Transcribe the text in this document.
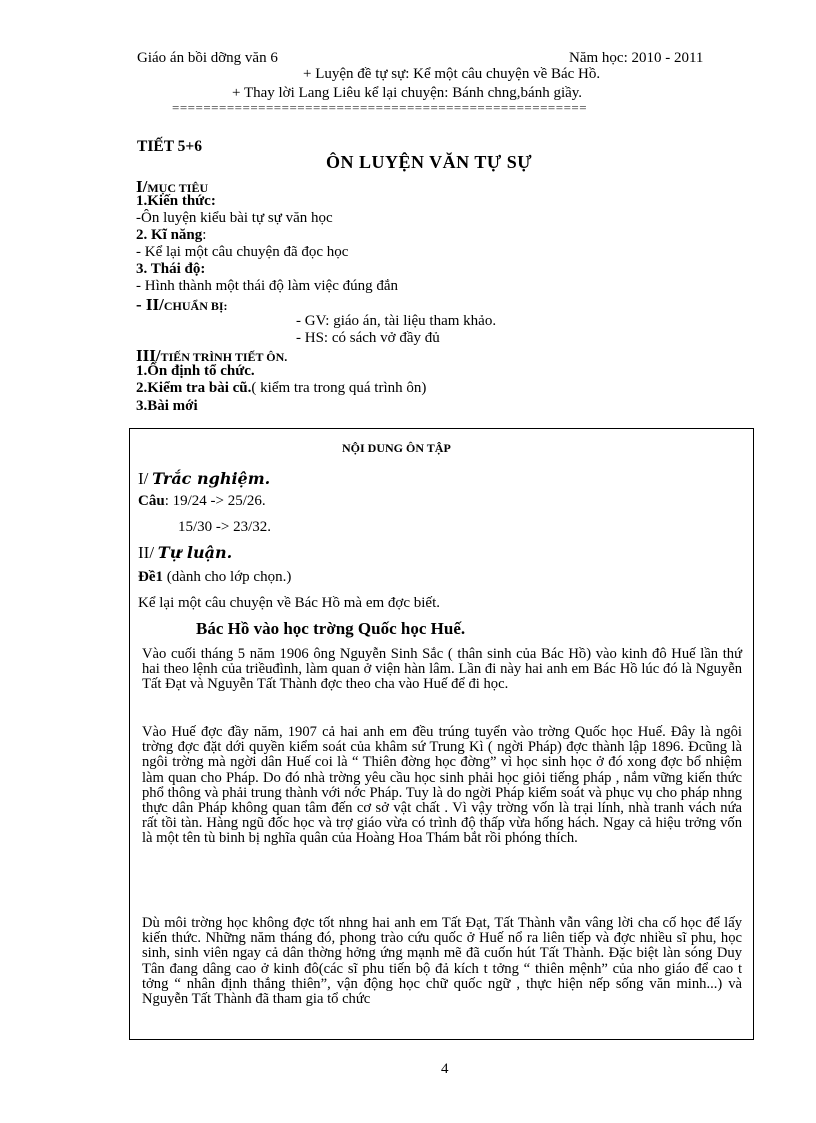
Giáo án bồi dỡng văn 6	Năm học: 2010 - 2011
+ Luyện đề tự sự: Kể một câu chuyện về Bác Hồ.
+ Thay lời Lang Liêu kể lại chuyện: Bánh chng,bánh giầy.
=====================================================
TIẾT 5+6
ÔN LUYỆN VĂN TỰ SỰ
I/MỤC TIÊU
1.Kiến thức:
-Ôn luyện kiểu bài tự sự văn học
2. Kĩ năng:
- Kể lại một câu chuyện đã đọc học
3. Thái độ:
- Hình thành một thái độ làm việc đúng đắn
- II/CHUẨN BỊ:
- GV: giáo án, tài liệu tham khảo.
- HS: có sách vở đầy đủ
III/TIẾN TRÌNH TIẾT ÔN.
1.Ổn định tổ chức.
2.Kiểm tra bài cũ.( kiểm tra trong quá trình ôn)
3.Bài mới
NỘI DUNG ÔN TẬP
I/ Trắc nghiệm.
Câu: 19/24 -> 25/26.
15/30 -> 23/32.
II/ Tự luận.
Đề1 (dành cho lớp chọn.)
Kể lại một câu chuyện về Bác Hồ mà em đợc biết.
Bác Hồ vào học trờng Quốc học Huế.
Vào cuối tháng 5 năm 1906 ông Nguyễn Sinh Sắc ( thân sinh của Bác Hồ) vào kinh đô Huế lần thứ hai theo lệnh của triềuđình, làm quan ở viện hàn lâm. Lần đi này hai anh em Bác Hồ lúc đó là Nguyễn Tất Đạt và Nguyễn Tất Thành đợc theo cha vào Huế để đi học.
Vào Huế đợc đầy năm, 1907 cả hai anh em đều trúng tuyển vào trờng Quốc học Huế. Đây là ngôi trờng đợc đặt dới quyền kiểm soát của khâm sứ Trung Kì ( ngời Pháp) đợc thành lập 1896. Đcũng là ngôi trờng mà ngời dân Huế coi là “ Thiên đờng học đờng” vì học sinh học ở đó xong đợc bổ nhiệm làm quan cho Pháp. Do đó nhà trờng yêu cầu học sinh phải học giỏi tiếng pháp , nắm vững kiến thức phổ thông và phải trung thành với nớc Pháp. Tuy là do ngời Pháp kiểm soát và phục vụ cho pháp nhng thực dân Pháp không quan tâm đến cơ sở vật chất . Vì vậy trờng vốn là trại lính, nhà tranh vách nứa rất tồi tàn. Hàng ngũ đốc học và trợ giáo vừa có trình độ thấp vừa hống hách. Ngay cả hiệu trởng vốn là một tên tù binh bị nghĩa quân của Hoàng Hoa Thám bắt rồi phóng thích.
Dù môi trờng học không đợc tốt nhng hai anh em Tất Đạt, Tất Thành vẫn vâng lời cha cố học để lấy kiến thức. Những năm tháng đó, phong trào cứu quốc ở Huế nổ ra liên tiếp và đợc nhiều sĩ phu, học sinh, sinh viên ngay cả dân thờng hởng ứng mạnh mẽ đã cuốn hút Tất Thành. Đặc biệt làn sóng Duy Tân đang dâng cao ở kinh đô(các sĩ phu tiến bộ đả kích t tởng “ thiên mệnh” của nho giáo để cao t tởng “ nhân định thắng thiên”, vận động học chữ quốc ngữ , thực hiện nếp sống văn minh...) và Nguyễn Tất Thành đã tham gia tổ chức
4
